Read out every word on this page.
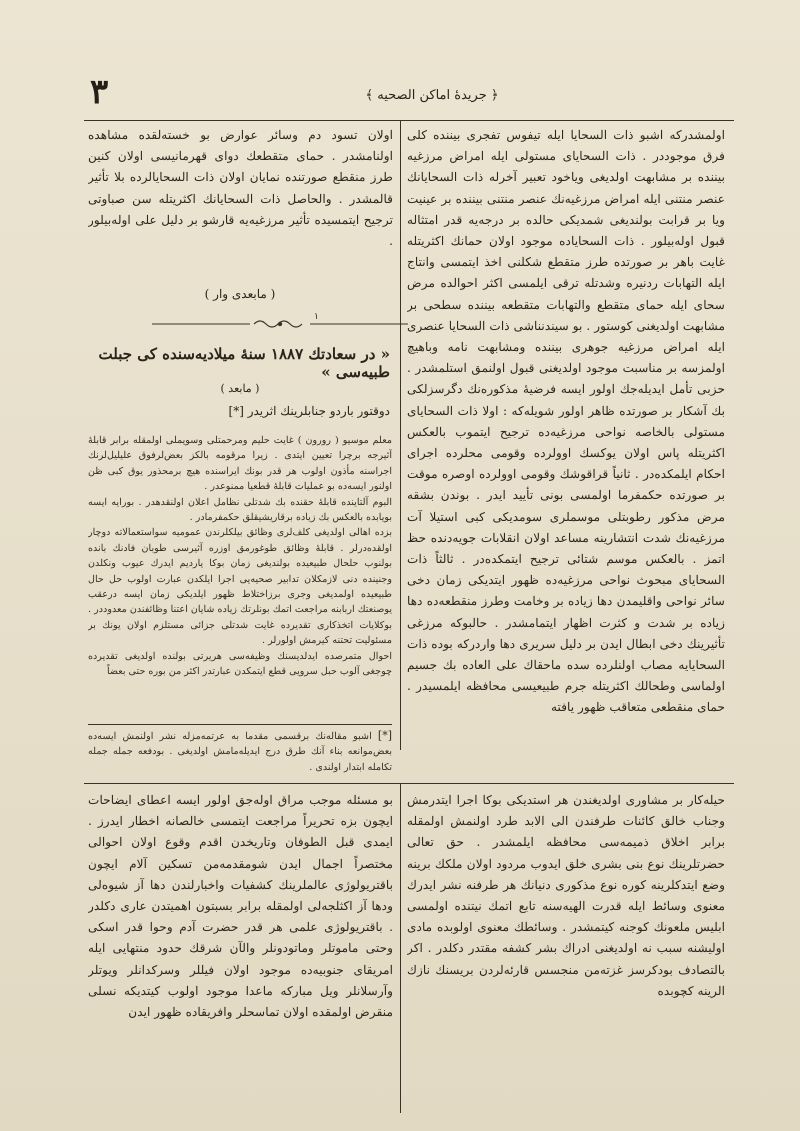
٣	﴿ جريدهٔ اماكن الصحيه ﴾

اولمشدرکه اشبو ذات السحایا ایله تیفوس تفجری بیننده کلی فرق موجوددر . ذات السحایای مستولی ایله امراض مرزغیه بیننده بر مشابهت اولدیغی ویاخود تعبیر آخرله ذات السحایانك عنصر منتنی ایله امراض مرزغیه‌نك عنصر منتنی بیننده بر عینیت ویا بر قرابت بولندیغی شمدیکی حالده بر درجه‌یه قدر امتثاله قبول اوله‌بیلور . ذات السحایاده موجود اولان حمانك اکثریتله غایت باهر بر صورتده طرز متقطع شکلنی اخذ ایتمسی وانتاج ایله التهابات ردنیره وشدتله ترقی ایلمسی اکثر احوالده مرض سحای ایله حمای متقطع والتهابات متقطعه بیننده سطحی بر مشابهت اولدیغنی کوستور . بو سیندنناشی ذات السحایا عنصری ایله امراض مرزغیه جوهری بیننده ومشابهت نامه وباهیچ اولمزسه بر مناسبت موجود اولدیغنی قبول اولنمق استلمشدر . حزبی تأمل ایدیله‌جك اولور ایسه فرضیهٔ مذکوره‌نك دگرسزلکی بك آشکار بر صورتده ظاهر اولور شویله‌که : اولا ذات السحایای مستولی بالخاصه نواحی مرزغیه‌ده ترجیح ایتموب بالعکس اکثریتله پاس اولان یوکسك اوولرده وقومی محلرده اجرای احکام ایلمکده‌در . ثانیاً قراقوشك وقومی اوولرده اوصره موقت بر صورتده حکمفرما اولمسی بونی تأیید ایدر . بوندن بشقه مرض مذکور رطوبتلی موسملری سومدیکی کبی استیلا آت مرزغیه‌نك شدت انتشارینه مساعد اولان انقلابات جویه‌دنده حظ اتمز . بالعکس موسم شتائی ترجیح ایتمکده‌در . ثالثاً ذات السحایای مبحوث نواحی مرزغیه‌ده ظهور ایتدیکی زمان دخی سائر نواحی واقلیمدن دها زیاده بر وخامت وطرز منقطعه‌ده دها زیاده بر شدت و کثرت اظهار ایتمامشدر . حالبوکه مرزغی تأثیرینك دخی ابطال ایدن بر دلیل سریری دها واردرکه بوده ذات السحایایه مصاب اولنلرده سده ماحقاك علی العاده بك جسیم اولماسی وطحالك اکثریتله جرم طبیعیسی محافظه ایلمسیدر . حمای منقطعی متعاقب ظهور یافته

اولان تسود دم وسائر عوارض بو خسته‌لقده مشاهده اولنامشدر . حمای متقطعك دوای قهرمانیسی اولان کنین طرز منقطع صورتنده نمایان اولان ذات السحایالرده بلا تأثیر قالمشدر . والحاصل ذات السحایانك اکثریتله سن صباوتی ترجیح ایتمسیده تأثیر مرزغیه‌یه قارشو بر دلیل علی اوله‌بیلور .

( مابعدی وار )
١
« در سعادتك ١٨٨٧ سنهٔ میلادیه‌سنده کی جبلت طبیه‌سی »
( مابعد )
دوقتور باردو جنابلرینك اثریدر [*]

معلم موسیو ( رورون ) غایت حلیم ومرحمتلی وسویملی اولمقله برابر قابلهٔ آثیرجه برچرا تعیین ایتدی . زیرا مرقومه بالکز بعض‌لرفوق علیلیل‌لرنك اجراسنه مأذون اولوب هر قدر بونك ایراسنده هیچ برمحذور یوق کبی ظن اولنور ایسه‌ده بو عملیات قابلهٔ قطعیا ممنوعدر .

البوم آلتاینده قابلهٔ حقنده بك شدتلی نظامل اعلان اولنقدهدر . بورایه ایسه بویابده بالعکس بك زیاده برقاریشیقلق حکمفرمادر .

بزده اهالی اولدیغی کلف‌لری وظائق بیلکلرندن عمومیه سواستعمالاته دوچار اولقده‌درلر . قابلهٔ وظائق طوغورمق اوزره آثیرسی طوبان فادنك بانده بولنوب حلحال طبیعیده بولندیغی زمان بوکا یاردیم ایدرك عیوب ونکلدن وجنینده دنی لازمکلان تدابیر صحیه‌یی اجرا ایلکدن عبارت اولوب حل حال طبیعیده اولمدیغی وجری برزاختلاط ظهور ایلدیکی زمان ایسه درعقب یوصنعتك اربابنه مراجعت اتمك بونلرتك زیاده شایان اعتنا وظائفندن معدوددر . بوکلایات اتخذکاری تقدیرده غایت شدتلی جزائی مستلزم اولان یونك بر مسئولیت تحتنه کیرمش اولورلر .

احوال متمرصده ایدلدیسنك وظیفه‌سی هریرتی بولنده اولدیغی تقدیرده چوجغی آلوب حبل سرویی قطع ایتمکدن عبارتدر اکثر من بوره حتی بعضاً

[*] اشبو مقاله‌نك برقسمی مقدما به عرتمه‌مزله نشر اولنمش ایسه‌ده بعض‌موانعه بناء آنك طرق درج ایدیله‌مامش اولدیغی . بودفعه جمله جمله تکامله ابتدار اولندی .

حیله‌کار بر مشاوری اولدیغندن هر استدیکی بوکا اجرا ایتدرمش وجناب خالق کائنات طرفندن الی الابد طرد اولنمش اولمقله برابر اخلاق ذمیمه‌سی محافظه ایلمشدر . حق تعالی حضرتلرینك نوع بنی بشری خلق ایدوب مردود اولان ملکك برینه وضع ایتدکلرینه کوره نوع مذکوری دنیانك هر طرفنه نشر ایدرك معنوی وسائط ایله قدرت الهیه‌سنه تابع اتمك نیتنده اولمسی ابلیس ملعونك کوجنه کیتمشدر . وسائطك معنوی اولوبده مادی اولیشنه سبب نه اولدیغنی ادراك بشر کشفه مقتدر دکلدر . اکر بالتصادف بودکرسز غزته‌من منجسس قارئه‌لردن بریسنك نازك الرینه کچوبده

بو مسئله موجب مراق اوله‌جق اولور ایسه اعطای ایضاحات ایچون بزه تحریراً مراجعت ایتمسی خالصانه اخطار ایدرز . ایمدی قبل الطوفان وتاریخدن اقدم وقوع اولان احوالی مختصراً اجمال ایدن شومقدمه‌من تسکین آلام ایچون باقتریولوژی عالملرینك کشفیات واخبارلندن دها آز شیوه‌لی ودها آز اکثلجه‌لی اولمقله برابر بسبتون اهمیتدن عاری دکلدر . باقتریولوژی علمی هر قدر حضرت آدم وحوا قدر اسکی وحتی ماموتلر وماتودونلر والآن شرقك حدود منتهایی ایله امریقای جنوبیه‌ده موجود اولان فیللر وسرکدانلر ویوتلر وآرسلانلر ویل مبارکه ماعدا موجود اولوب کیتدیکه نسلی منقرض اولمقده اولان تماسحلر وافریقاده ظهور ایدن
